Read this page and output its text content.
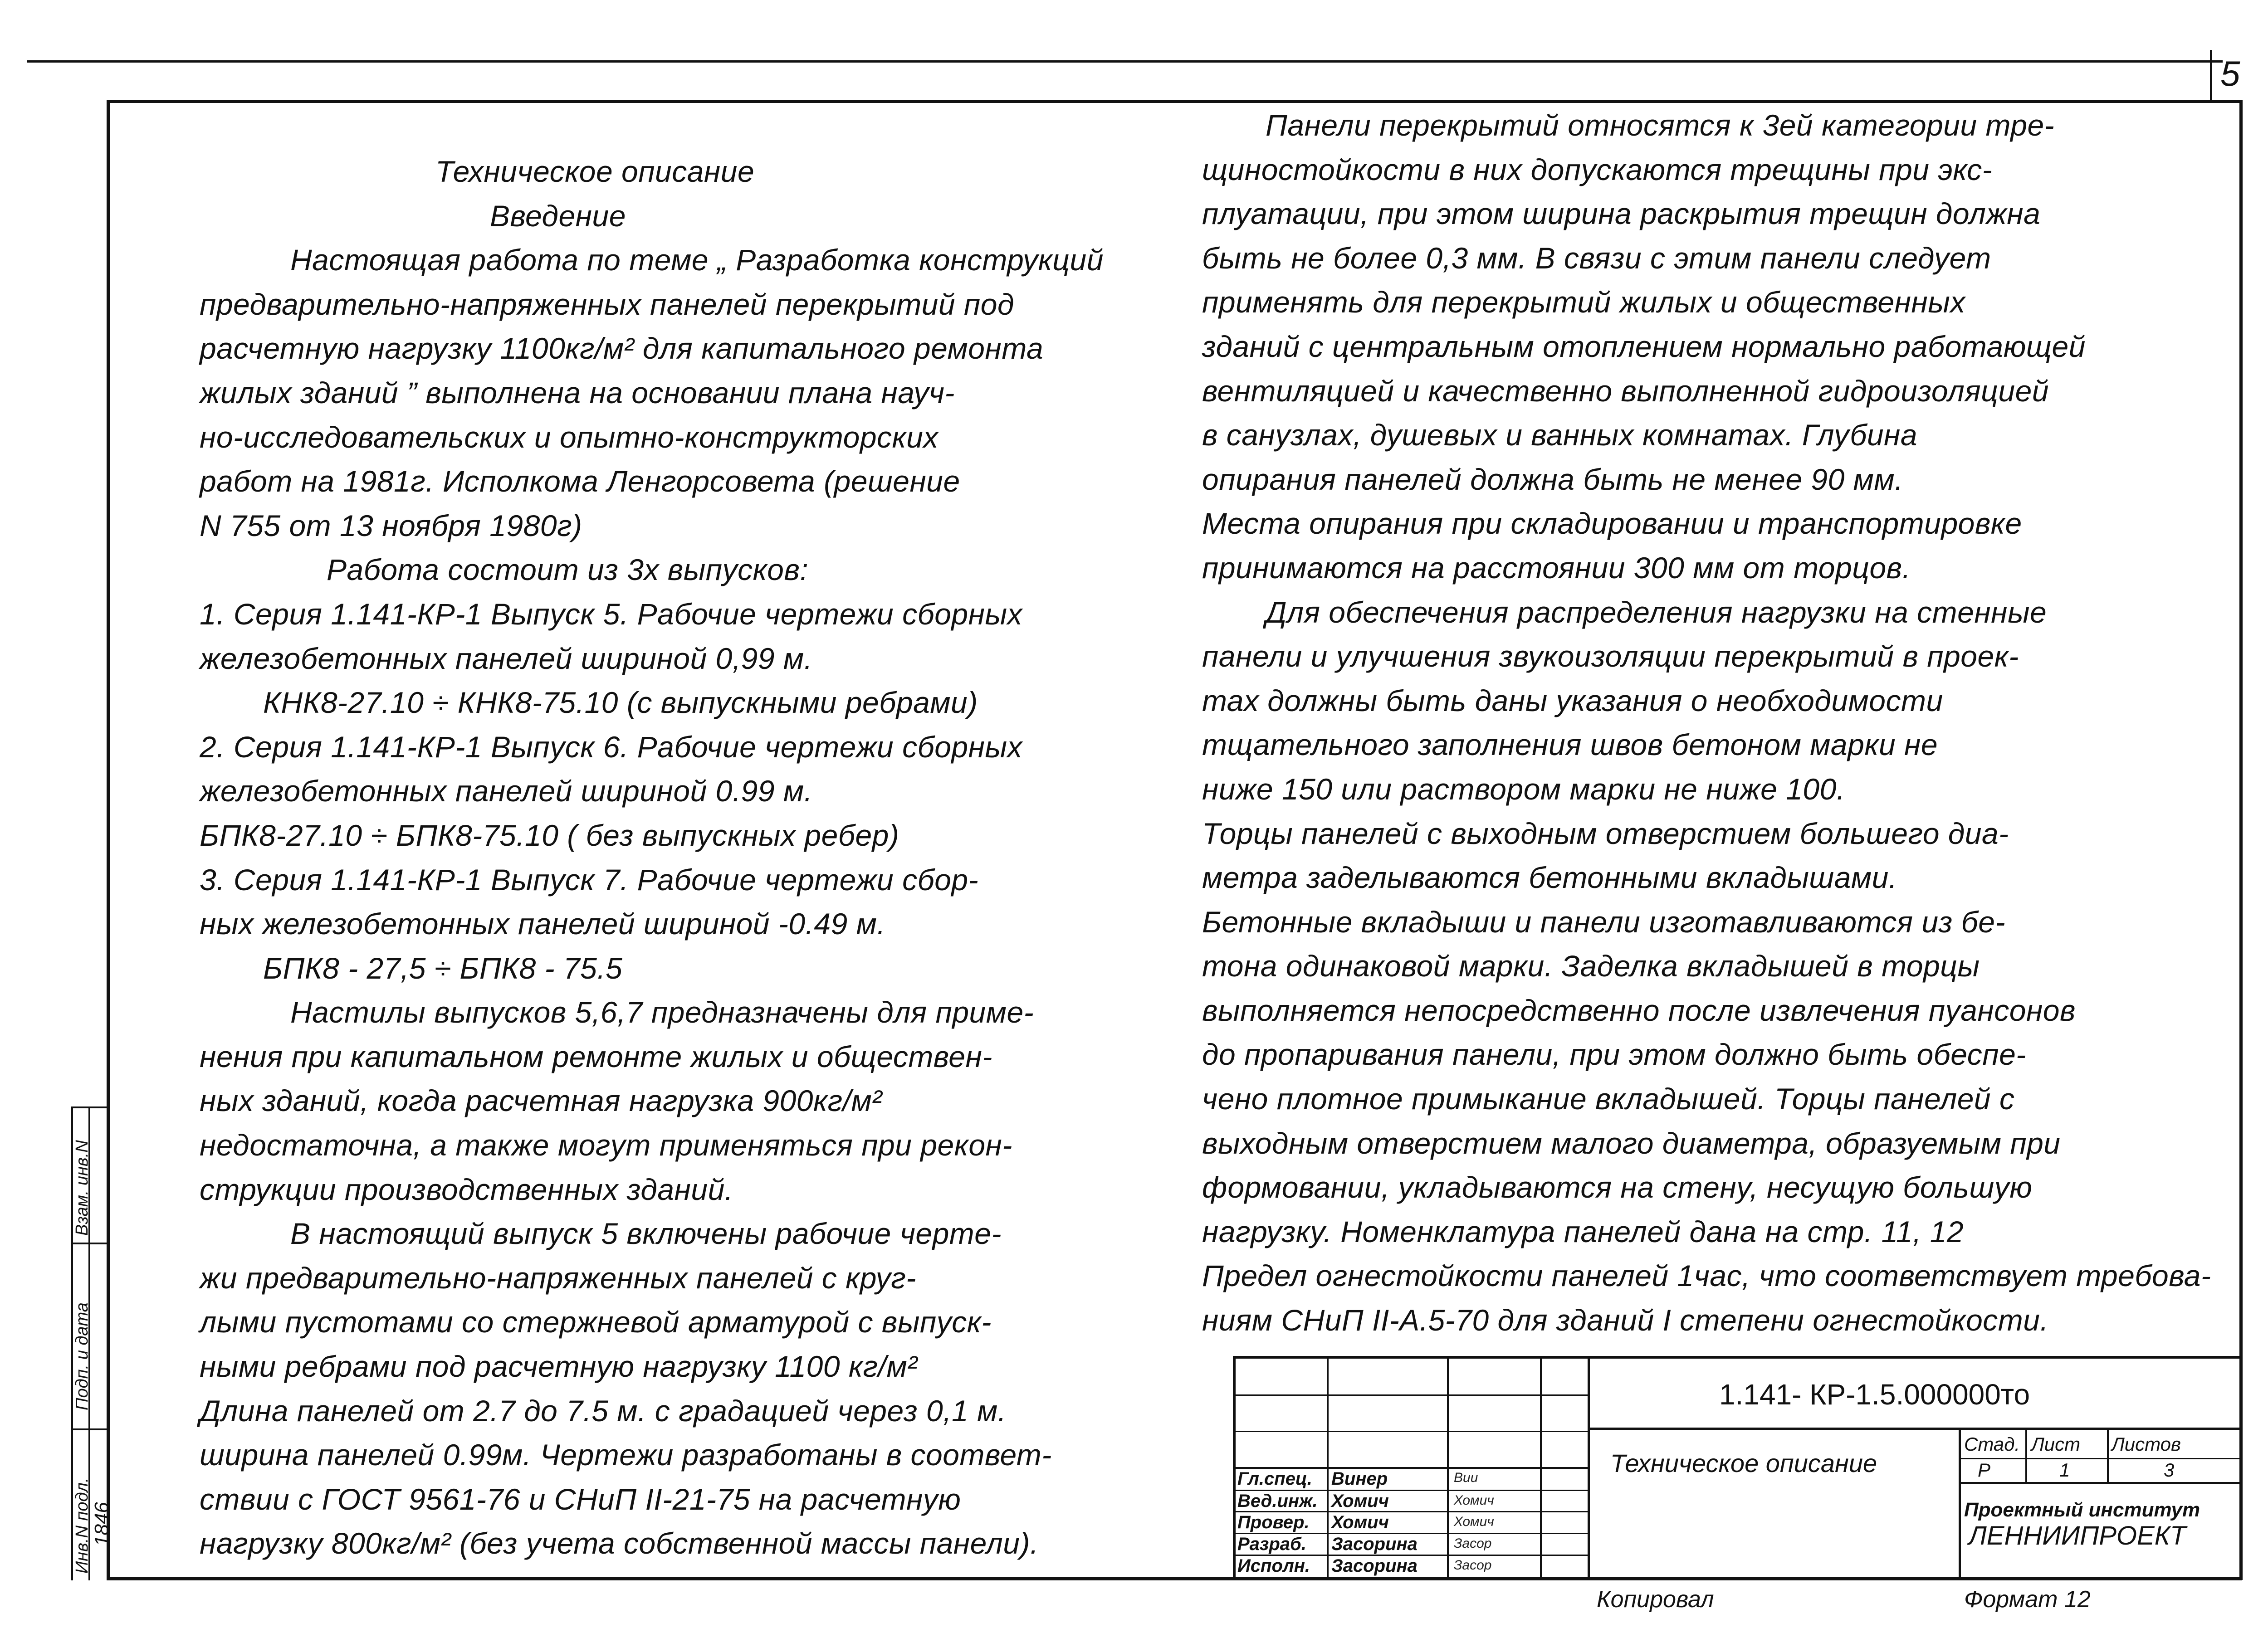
5
Взам. инв.N
Подп. и дата
Инв.N подл.
1846
Техническое описание
Введение
Настоящая работа по теме „ Разработка конструкций
предварительно-напряженных панелей перекрытий под
расчетную нагрузку 1100кг/м² для капитального ремонта
жилых зданий ” выполнена на основании плана науч-
но-исследовательских и опытно-конструкторских
работ на 1981г. Исполкома Ленгорсовета (решение
N 755 от 13 ноября 1980г)
Работа состоит из 3х выпусков:
1. Серия 1.141-КР-1 Выпуск 5. Рабочие чертежи сборных
железобетонных панелей шириной 0,99 м.
КНК8-27.10 ÷ КНК8-75.10 (с выпускными ребрами)
2. Серия 1.141-КР-1 Выпуск 6. Рабочие чертежи сборных
железобетонных панелей шириной 0.99 м.
БПК8-27.10 ÷ БПК8-75.10 ( без выпускных ребер)
3. Серия 1.141-КР-1 Выпуск 7. Рабочие чертежи сбор-
ных железобетонных панелей шириной -0.49 м.
БПК8 - 27,5 ÷ БПК8 - 75.5
Настилы выпусков 5,6,7 предназначены для приме-
нения при капитальном ремонте жилых и обществен-
ных зданий, когда расчетная нагрузка 900кг/м²
недостаточна, а также могут применяться при рекон-
струкции производственных зданий.
В настоящий выпуск 5 включены рабочие черте-
жи предварительно-напряженных панелей с круг-
лыми пустотами со стержневой арматурой с выпуск-
ными ребрами под расчетную нагрузку 1100 кг/м²
Длина панелей от 2.7 до 7.5 м. с градацией через 0,1 м.
ширина панелей 0.99м. Чертежи разработаны в соответ-
ствии с ГОСТ 9561-76 и СНиП II-21-75 на расчетную
нагрузку 800кг/м² (без учета собственной массы панели).
Панели перекрытий относятся к 3ей категории тре-
щиностойкости в них допускаются трещины при экс-
плуатации, при этом ширина раскрытия трещин должна
быть не более 0,3 мм. В связи с этим панели следует
применять для перекрытий жилых и общественных
зданий с центральным отоплением нормально работающей
вентиляцией и качественно выполненной гидроизоляцией
в санузлах, душевых и ванных комнатах. Глубина
опирания панелей должна быть не менее 90 мм.
Места опирания при складировании и транспортировке
принимаются на расстоянии 300 мм от торцов.
Для обеспечения распределения нагрузки на стенные
панели и улучшения звукоизоляции перекрытий в проек-
тах должны быть даны указания о необходимости
тщательного заполнения швов бетоном марки не
ниже 150 или раствором марки не ниже 100.
Торцы панелей с выходным отверстием большего диа-
метра заделываются бетонными вкладышами.
Бетонные вкладыши и панели изготавливаются из бе-
тона одинаковой марки. Заделка вкладышей в торцы
выполняется непосредственно после извлечения пуансонов
до пропаривания панели, при этом должно быть обеспе-
чено плотное примыкание вкладышей. Торцы панелей с
выходным отверстием малого диаметра, образуемым при
формовании, укладываются на стену, несущую большую
нагрузку. Номенклатура панелей дана на стр. 11, 12
Предел огнестойкости панелей 1час, что соответствует требова-
ниям СНиП II-А.5-70 для зданий I степени огнестойкости.
1.141- КР-1.5.000000то
Техническое описание
Стад. Лист Листов
Р	1	3
Проектный институт
ЛЕННИИПРОЕКТ
Гл.спец. Винер	Виu
Вед.инж. Хомич	Хомич
Провер. Хомич	Хомич
Разраб. Засорина	Засор
Исполн. Засорина	Засор
Копировал	Формат 12
